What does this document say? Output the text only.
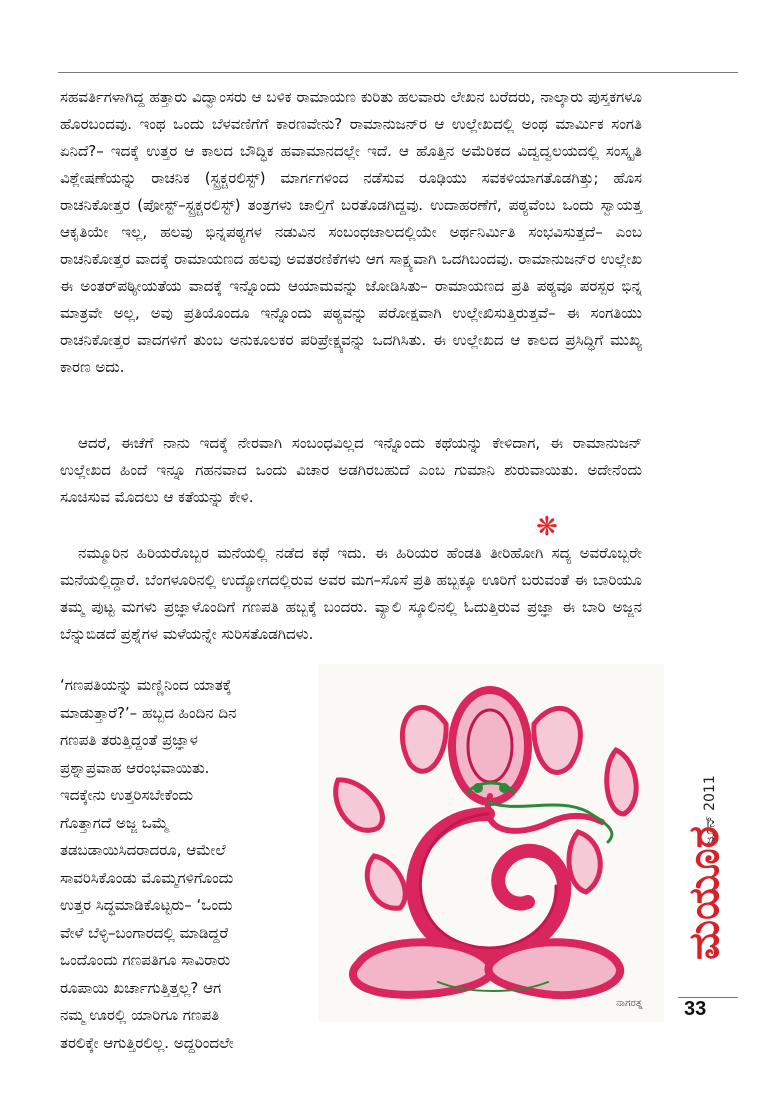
ಸಹವರ್ತಿಗಳಾಗಿದ್ದ ಹತ್ತಾರು ವಿದ್ವಾಂಸರು ಆ ಬಳಿಕ ರಾಮಾಯಣ ಕುರಿತು ಹಲವಾರು ಲೇಖನ ಬರೆದರು, ನಾಲ್ಕಾರು ಪುಸ್ತಕಗಳೂ ಹೊರಬಂದವು. ಇಂಥ ಒಂದು ಬೆಳವಣಿಗೆಗೆ ಕಾರಣವೇನು? ರಾಮಾನುಜನ್‌ರ ಆ ಉಲ್ಲೇಖದಲ್ಲಿ ಅಂಥ ಮಾರ್ಮಿಕ ಸಂಗತಿ ಏನಿದೆ?– ಇದಕ್ಕೆ ಉತ್ತರ ಆ ಕಾಲದ ಬೌದ್ಧಿಕ ಹವಾಮಾನದಲ್ಲೇ ಇದೆ. ಆ ಹೊತ್ತಿನ ಅಮೆರಿಕದ ವಿದ್ವದ್ವಲಯದಲ್ಲಿ ಸಂಸ್ಕೃತಿ ವಿಶ್ಲೇಷಣೆಯನ್ನು ರಾಚನಿಕ (ಸ್ಟ್ರಕ್ಚರಲಿಸ್ಟ್) ಮಾರ್ಗಗಳಿಂದ ನಡೆಸುವ ರೂಢಿಯು ಸವಕಳಿಯಾಗತೊಡಗಿತ್ತು; ಹೊಸ ರಾಚನಿಕೋತ್ತರ (ಪೋಸ್ಟ್–ಸ್ಟ್ರಕ್ಚರಲಿಸ್ಟ್) ತಂತ್ರಗಳು ಚಾಲ್ತಿಗೆ ಬರತೊಡಗಿದ್ದವು. ಉದಾಹರಣೆಗೆ, ಪಠ್ಯವೆಂಬ ಒಂದು ಸ್ವಾಯತ್ತ ಆಕೃತಿಯೇ ಇಲ್ಲ, ಹಲವು ಭಿನ್ನಪಠ್ಯಗಳ ನಡುವಿನ ಸಂಬಂಧಜಾಲದಲ್ಲಿಯೇ ಅರ್ಥನಿರ್ಮಿತಿ ಸಂಭವಿಸುತ್ತದೆ– ಎಂಬ ರಾಚನಿಕೋತ್ತರ ವಾದಕ್ಕೆ ರಾಮಾಯಣದ ಹಲವು ಅವತರಣಿಕೆಗಳು ಆಗ ಸಾಕ್ಷ್ಯವಾಗಿ ಒದಗಿಬಂದವು. ರಾಮಾನುಜನ್‌ರ ಉಲ್ಲೇಖ ಈ ಅಂತರ್‌ಪಠ್ಯೀಯತೆಯ ವಾದಕ್ಕೆ ಇನ್ನೊಂದು ಆಯಾಮವನ್ನು ಜೋಡಿಸಿತು– ರಾಮಾಯಣದ ಪ್ರತಿ ಪಠ್ಯವೂ ಪರಸ್ಪರ ಭಿನ್ನ ಮಾತ್ರವೇ ಅಲ್ಲ, ಅವು ಪ್ರತಿಯೊಂದೂ ಇನ್ನೊಂದು ಪಠ್ಯವನ್ನು ಪರೋಕ್ಷವಾಗಿ ಉಲ್ಲೇಖಿಸುತ್ತಿರುತ್ತವೆ– ಈ ಸಂಗತಿಯು ರಾಚನಿಕೋತ್ತರ ವಾದಗಳಿಗೆ ತುಂಬ ಅನುಕೂಲಕರ ಪರಿಪ್ರೇಕ್ಷ್ಯವನ್ನು ಒದಗಿಸಿತು. ಈ ಉಲ್ಲೇಖದ ಆ ಕಾಲದ ಪ್ರಸಿದ್ಧಿಗೆ ಮುಖ್ಯ ಕಾರಣ ಅದು.
ಆದರೆ, ಈಚೆಗೆ ನಾನು ಇದಕ್ಕೆ ನೇರವಾಗಿ ಸಂಬಂಧವಿಲ್ಲದ ಇನ್ನೊಂದು ಕಥೆಯನ್ನು ಕೇಳಿದಾಗ, ಈ ರಾಮಾನುಜನ್ ಉಲ್ಲೇಖದ ಹಿಂದೆ ಇನ್ನೂ ಗಹನವಾದ ಒಂದು ವಿಚಾರ ಅಡಗಿರಬಹುದೆ ಎಂಬ ಗುಮಾನಿ ಶುರುವಾಯಿತು. ಅದೇನೆಂದು ಸೂಚಿಸುವ ಮೊದಲು ಆ ಕತೆಯನ್ನು ಕೇಳಿ.
❋
ನಮ್ಮೂರಿನ ಹಿರಿಯರೊಬ್ಬರ ಮನೆಯಲ್ಲಿ ನಡೆದ ಕಥೆ ಇದು. ಈ ಹಿರಿಯರ ಹೆಂಡತಿ ತೀರಿಹೋಗಿ ಸದ್ಯ ಅವರೊಬ್ಬರೇ ಮನೆಯಲ್ಲಿದ್ದಾರೆ. ಬೆಂಗಳೂರಿನಲ್ಲಿ ಉದ್ಯೋಗದಲ್ಲಿರುವ ಅವರ ಮಗ–ಸೊಸೆ ಪ್ರತಿ ಹಬ್ಬಕ್ಕೂ ಊರಿಗೆ ಬರುವಂತೆ ಈ ಬಾರಿಯೂ ತಮ್ಮ ಪುಟ್ಟ ಮಗಳು ಪ್ರಜ್ಞಾಳೊಂದಿಗೆ ಗಣಪತಿ ಹಬ್ಬಕ್ಕೆ ಬಂದರು. ವ್ಯಾಲಿ ಸ್ಕೂಲಿನಲ್ಲಿ ಓದುತ್ತಿರುವ ಪ್ರಜ್ಞಾ ಈ ಬಾರಿ ಅಜ್ಜನ ಬೆನ್ನುಬಿಡದೆ ಪ್ರಶ್ನೆಗಳ ಮಳೆಯನ್ನೇ ಸುರಿಸತೊಡಗಿದಳು.
‘ಗಣಪತಿಯನ್ನು ಮಣ್ಣಿನಿಂದ ಯಾತಕ್ಕೆ
ಮಾಡುತ್ತಾರೆ?’– ಹಬ್ಬದ ಹಿಂದಿನ ದಿನ
ಗಣಪತಿ ತರುತ್ತಿದ್ದಂತೆ ಪ್ರಜ್ಞಾಳ
ಪ್ರಶ್ನಾಪ್ರವಾಹ ಆರಂಭವಾಯಿತು.
ಇದಕ್ಕೇನು ಉತ್ತರಿಸಬೇಕೆಂದು
ಗೊತ್ತಾಗದೆ ಅಜ್ಜ ಒಮ್ಮೆ
ತಡಬಡಾಯಿಸಿದರಾದರೂ, ಆಮೇಲೆ
ಸಾವರಿಸಿಕೊಂಡು ಮೊಮ್ಮಗಳಿಗೊಂದು
ಉತ್ತರ ಸಿದ್ಧಮಾಡಿಕೊಟ್ಟರು– ‘ಒಂದು
ವೇಳೆ ಬೆಳ್ಳಿ–ಬಂಗಾರದಲ್ಲಿ ಮಾಡಿದ್ದರೆ
ಒಂದೊಂದು ಗಣಪತಿಗೂ ಸಾವಿರಾರು
ರೂಪಾಯಿ ಖರ್ಚಾಗುತ್ತಿತ್ತಲ್ಲ? ಆಗ
ನಮ್ಮ ಊರಲ್ಲಿ ಯಾರಿಗೂ ಗಣಪತಿ
ತರಲಿಕ್ಕೇ ಆಗುತ್ತಿರಲಿಲ್ಲ. ಅದ್ದರಿಂದಲೇ
ನಾಗರತ್ನ
ಜೂನ್ 2011
ಮಯೂರ
33
